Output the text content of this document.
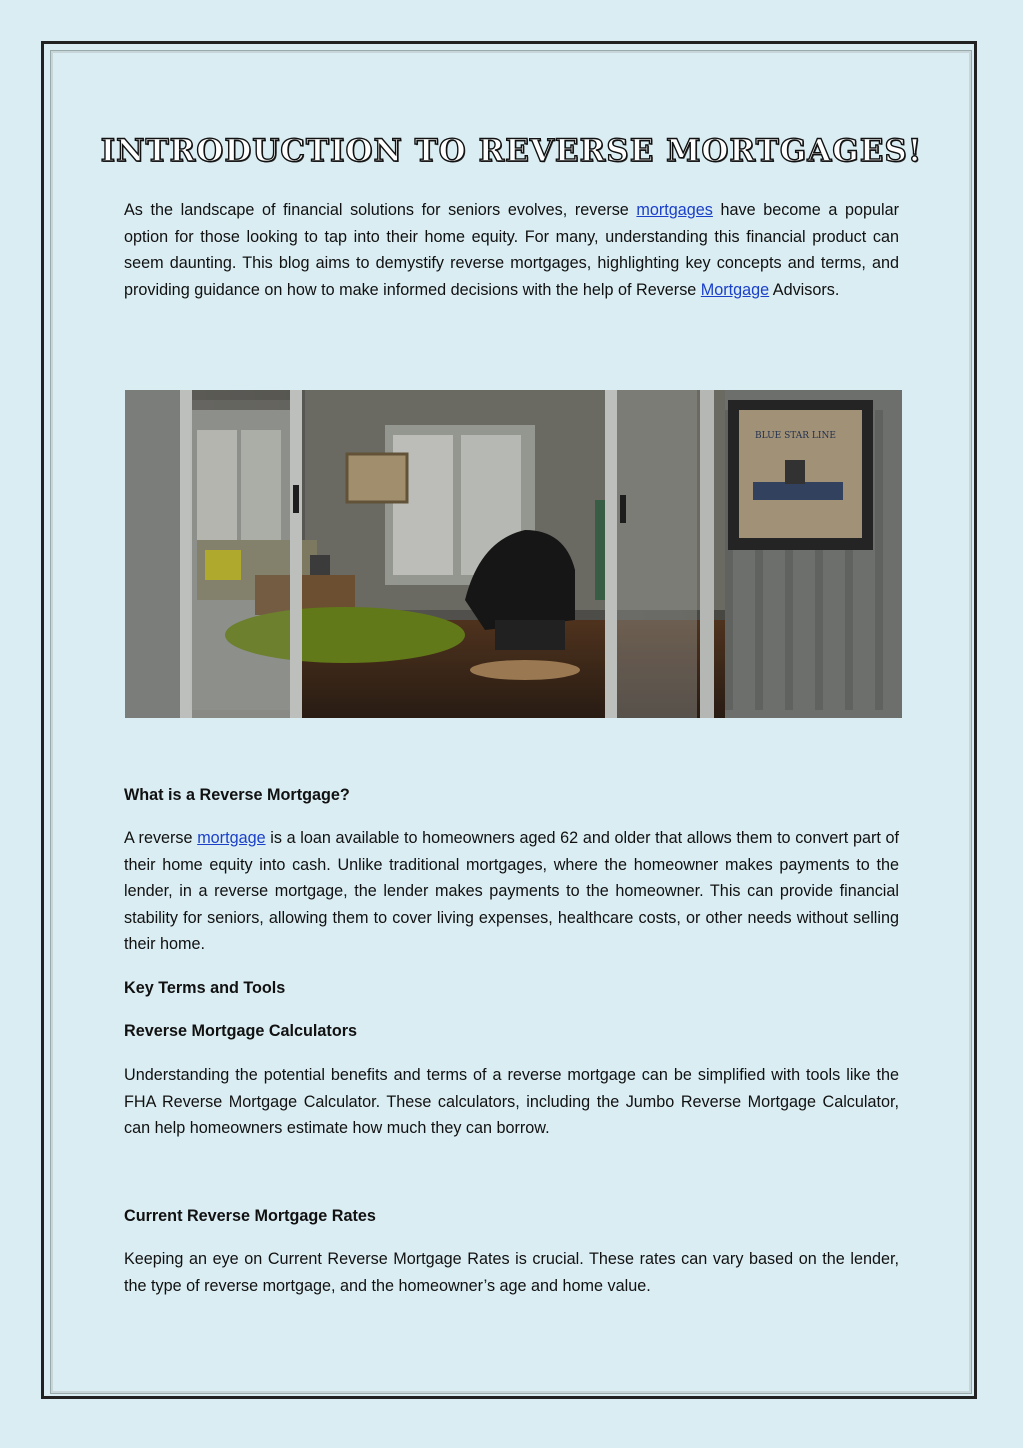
INTRODUCTION TO REVERSE MORTGAGES!

As the landscape of financial solutions for seniors evolves, reverse mortgages have become a popular option for those looking to tap into their home equity. For many, understanding this financial product can seem daunting. This blog aims to demystify reverse mortgages, highlighting key concepts and terms, and providing guidance on how to make informed decisions with the help of Reverse Mortgage Advisors.

BLUE STAR LINE
What is a Reverse Mortgage?

A reverse mortgage is a loan available to homeowners aged 62 and older that allows them to convert part of their home equity into cash. Unlike traditional mortgages, where the homeowner makes payments to the lender, in a reverse mortgage, the lender makes payments to the homeowner. This can provide financial stability for seniors, allowing them to cover living expenses, healthcare costs, or other needs without selling their home.

Key Terms and Tools
Reverse Mortgage Calculators

Understanding the potential benefits and terms of a reverse mortgage can be simplified with tools like the FHA Reverse Mortgage Calculator. These calculators, including the Jumbo Reverse Mortgage Calculator, can help homeowners estimate how much they can borrow.

Current Reverse Mortgage Rates

Keeping an eye on Current Reverse Mortgage Rates is crucial. These rates can vary based on the lender, the type of reverse mortgage, and the homeowner’s age and home value.
